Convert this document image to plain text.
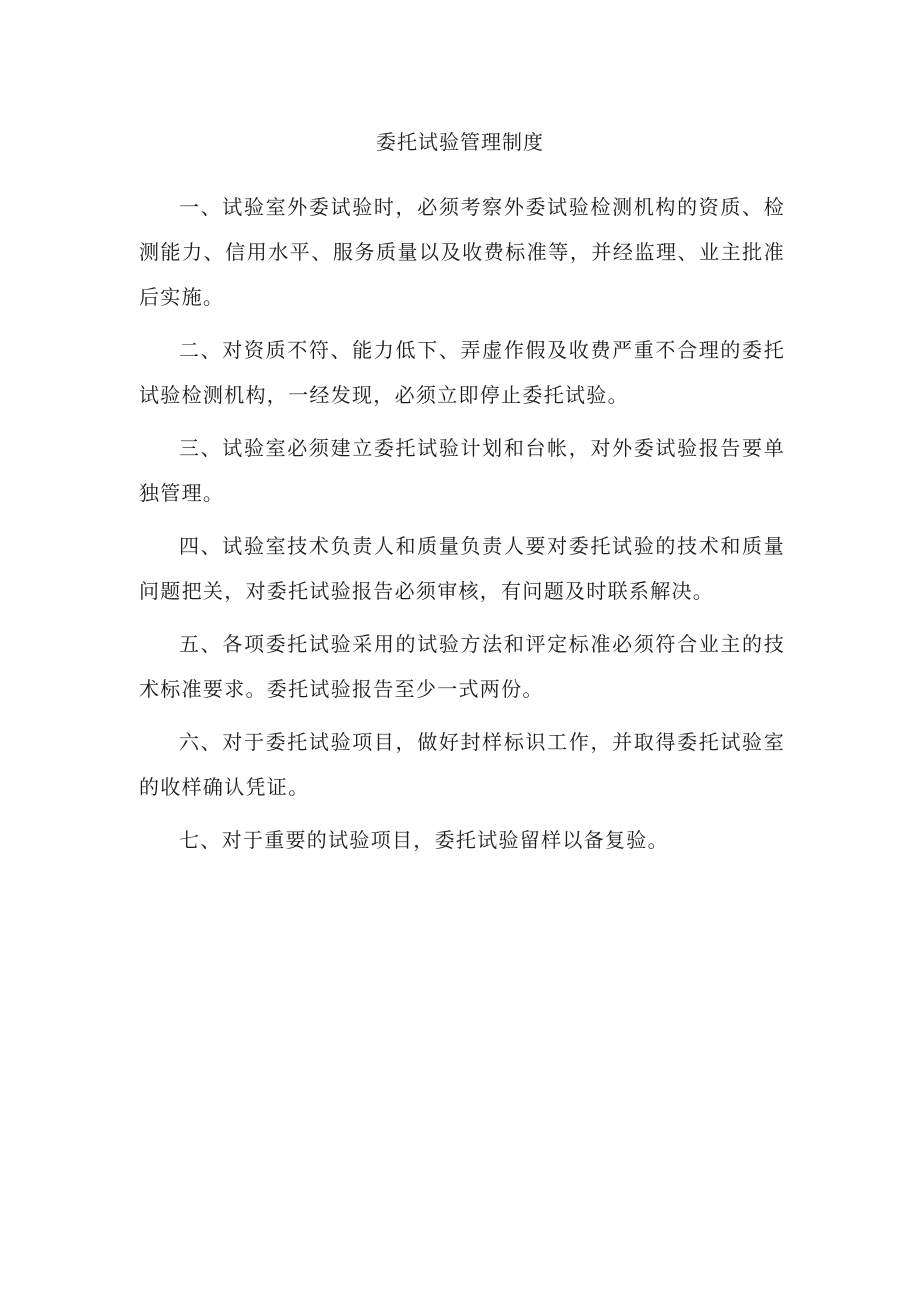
委托试验管理制度

一、试验室外委试验时，必须考察外委试验检测机构的资质、检测能力、信用水平、服务质量以及收费标准等，并经监理、业主批准后实施。

二、对资质不符、能力低下、弄虚作假及收费严重不合理的委托试验检测机构，一经发现，必须立即停止委托试验。

三、试验室必须建立委托试验计划和台帐，对外委试验报告要单独管理。

四、试验室技术负责人和质量负责人要对委托试验的技术和质量问题把关，对委托试验报告必须审核，有问题及时联系解决。

五、各项委托试验采用的试验方法和评定标准必须符合业主的技术标准要求。委托试验报告至少一式两份。

六、对于委托试验项目，做好封样标识工作，并取得委托试验室的收样确认凭证。

七、对于重要的试验项目，委托试验留样以备复验。
